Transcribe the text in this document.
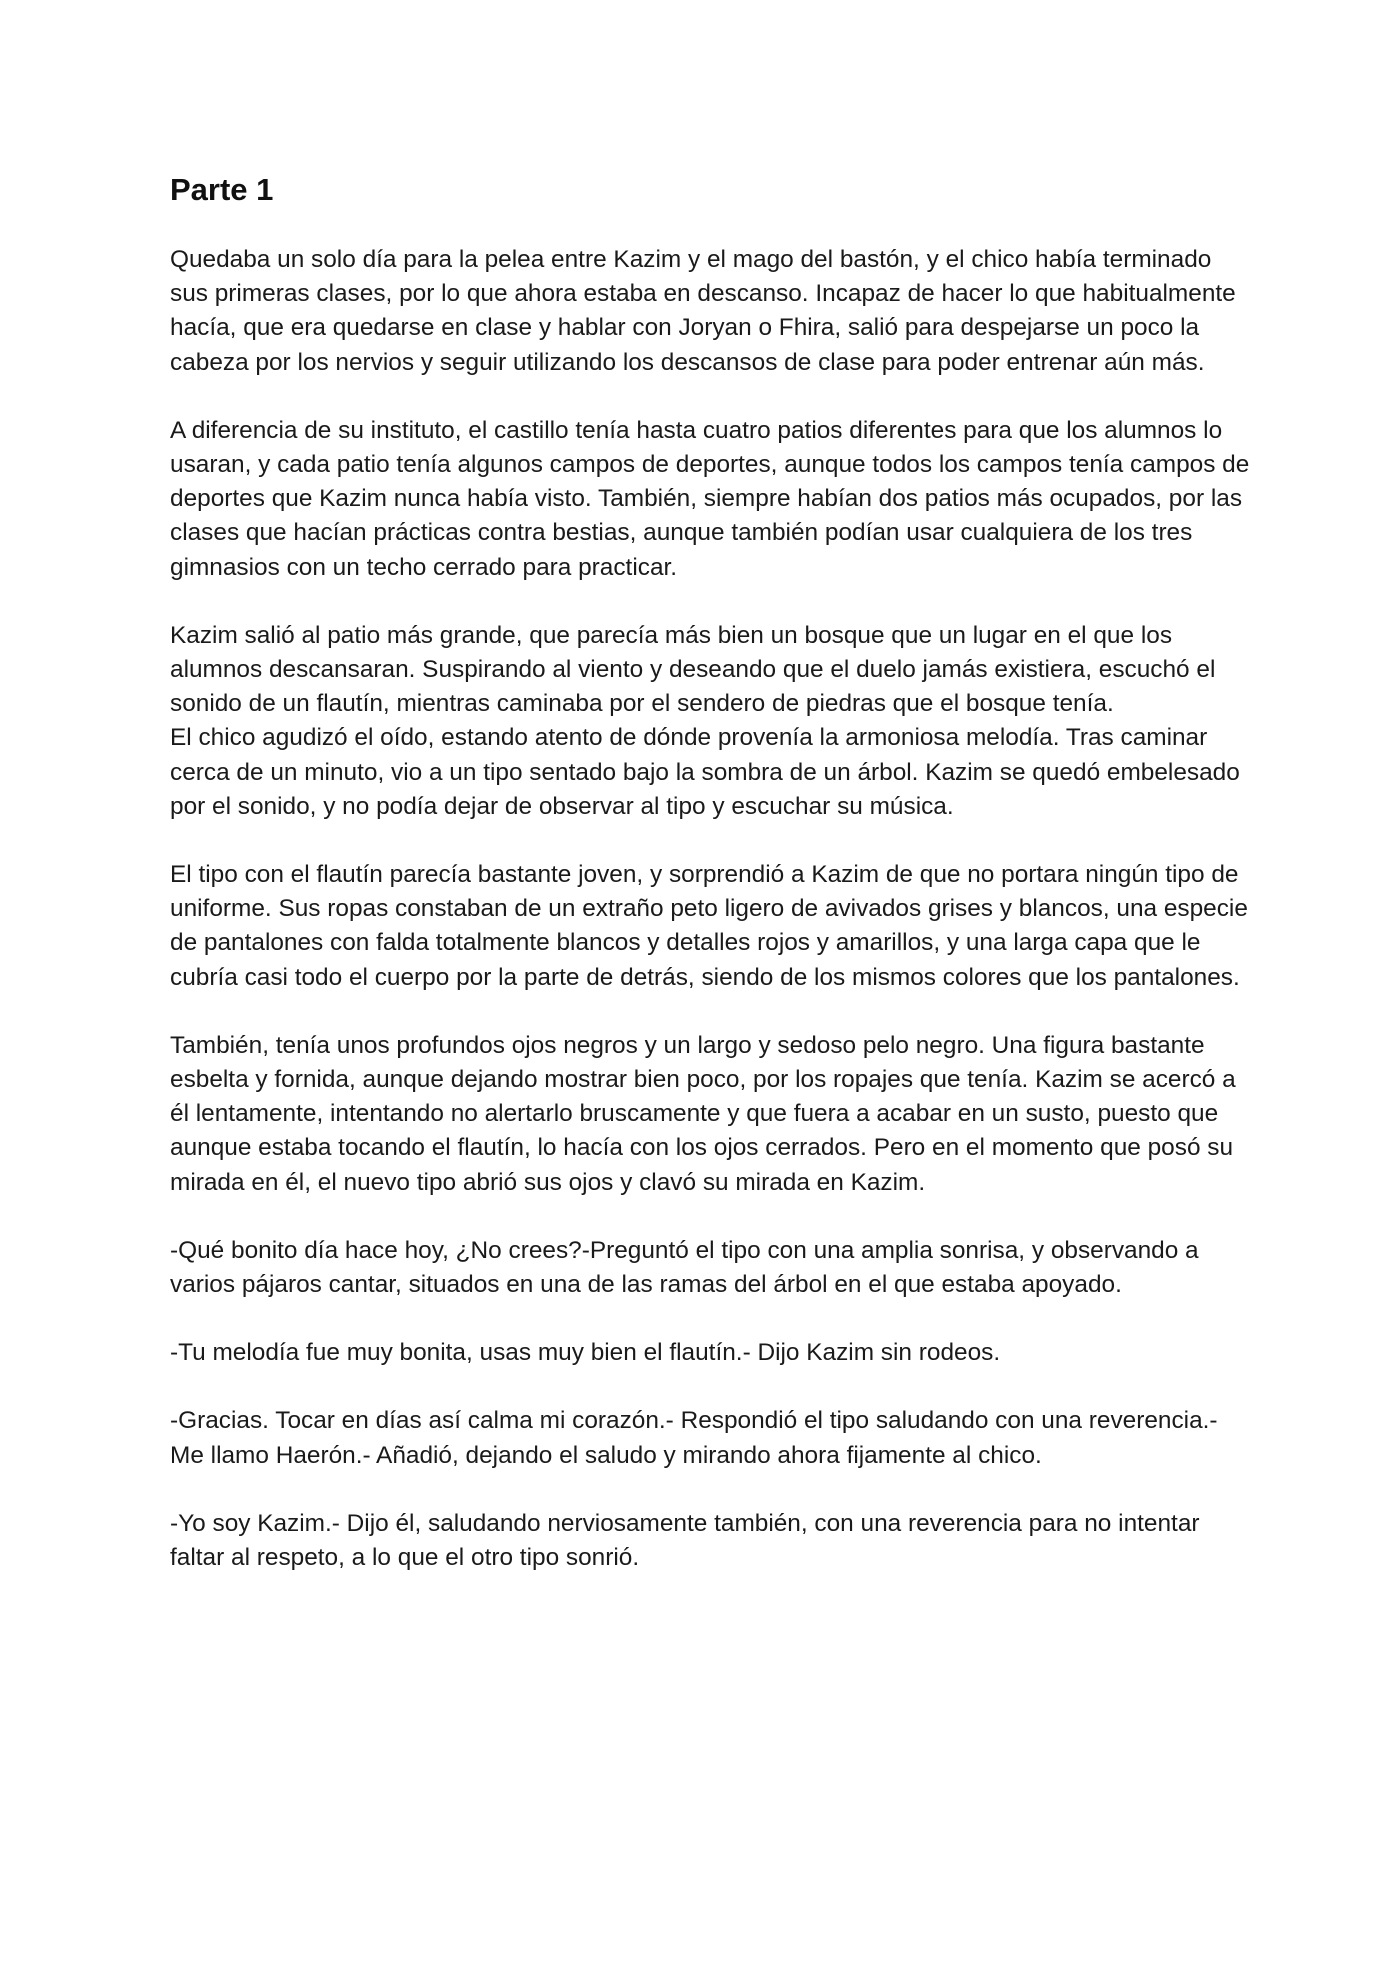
Parte 1

Quedaba un solo día para la pelea entre Kazim y el mago del bastón, y el chico había terminado sus primeras clases, por lo que ahora estaba en descanso. Incapaz de hacer lo que habitualmente hacía, que era quedarse en clase y hablar con Joryan o Fhira, salió para despejarse un poco la cabeza por los nervios y seguir utilizando los descansos de clase para poder entrenar aún más.

A diferencia de su instituto, el castillo tenía hasta cuatro patios diferentes para que los alumnos lo usaran, y cada patio tenía algunos campos de deportes, aunque todos los campos tenía campos de deportes que Kazim nunca había visto. También, siempre habían dos patios más ocupados, por las clases que hacían prácticas contra bestias, aunque también podían usar cualquiera de los tres gimnasios con un techo cerrado para practicar.

Kazim salió al patio más grande, que parecía más bien un bosque que un lugar en el que los alumnos descansaran. Suspirando al viento y deseando que el duelo jamás existiera, escuchó el sonido de un flautín, mientras caminaba por el sendero de piedras que el bosque tenía.

El chico agudizó el oído, estando atento de dónde provenía la armoniosa melodía. Tras caminar cerca de un minuto, vio a un tipo sentado bajo la sombra de un árbol. Kazim se quedó embelesado por el sonido, y no podía dejar de observar al tipo y escuchar su música.

El tipo con el flautín parecía bastante joven, y sorprendió a Kazim de que no portara ningún tipo de uniforme. Sus ropas constaban de un extraño peto ligero de avivados grises y blancos, una especie de pantalones con falda totalmente blancos y detalles rojos y amarillos, y una larga capa que le cubría casi todo el cuerpo por la parte de detrás, siendo de los mismos colores que los pantalones.

También, tenía unos profundos ojos negros y un largo y sedoso pelo negro. Una figura bastante esbelta y fornida, aunque dejando mostrar bien poco, por los ropajes que tenía. Kazim se acercó a él lentamente, intentando no alertarlo bruscamente y que fuera a acabar en un susto, puesto que aunque estaba tocando el flautín, lo hacía con los ojos cerrados. Pero en el momento que posó su mirada en él, el nuevo tipo abrió sus ojos y clavó su mirada en Kazim.

-Qué bonito día hace hoy, ¿No crees?-Preguntó el tipo con una amplia sonrisa, y observando a varios pájaros cantar, situados en una de las ramas del árbol en el que estaba apoyado.

-Tu melodía fue muy bonita, usas muy bien el flautín.- Dijo Kazim sin rodeos.

-Gracias. Tocar en días así calma mi corazón.- Respondió el tipo saludando con una reverencia.- Me llamo Haerón.- Añadió, dejando el saludo y mirando ahora fijamente al chico.

-Yo soy Kazim.- Dijo él, saludando nerviosamente también, con una reverencia para no intentar faltar al respeto, a lo que el otro tipo sonrió.
